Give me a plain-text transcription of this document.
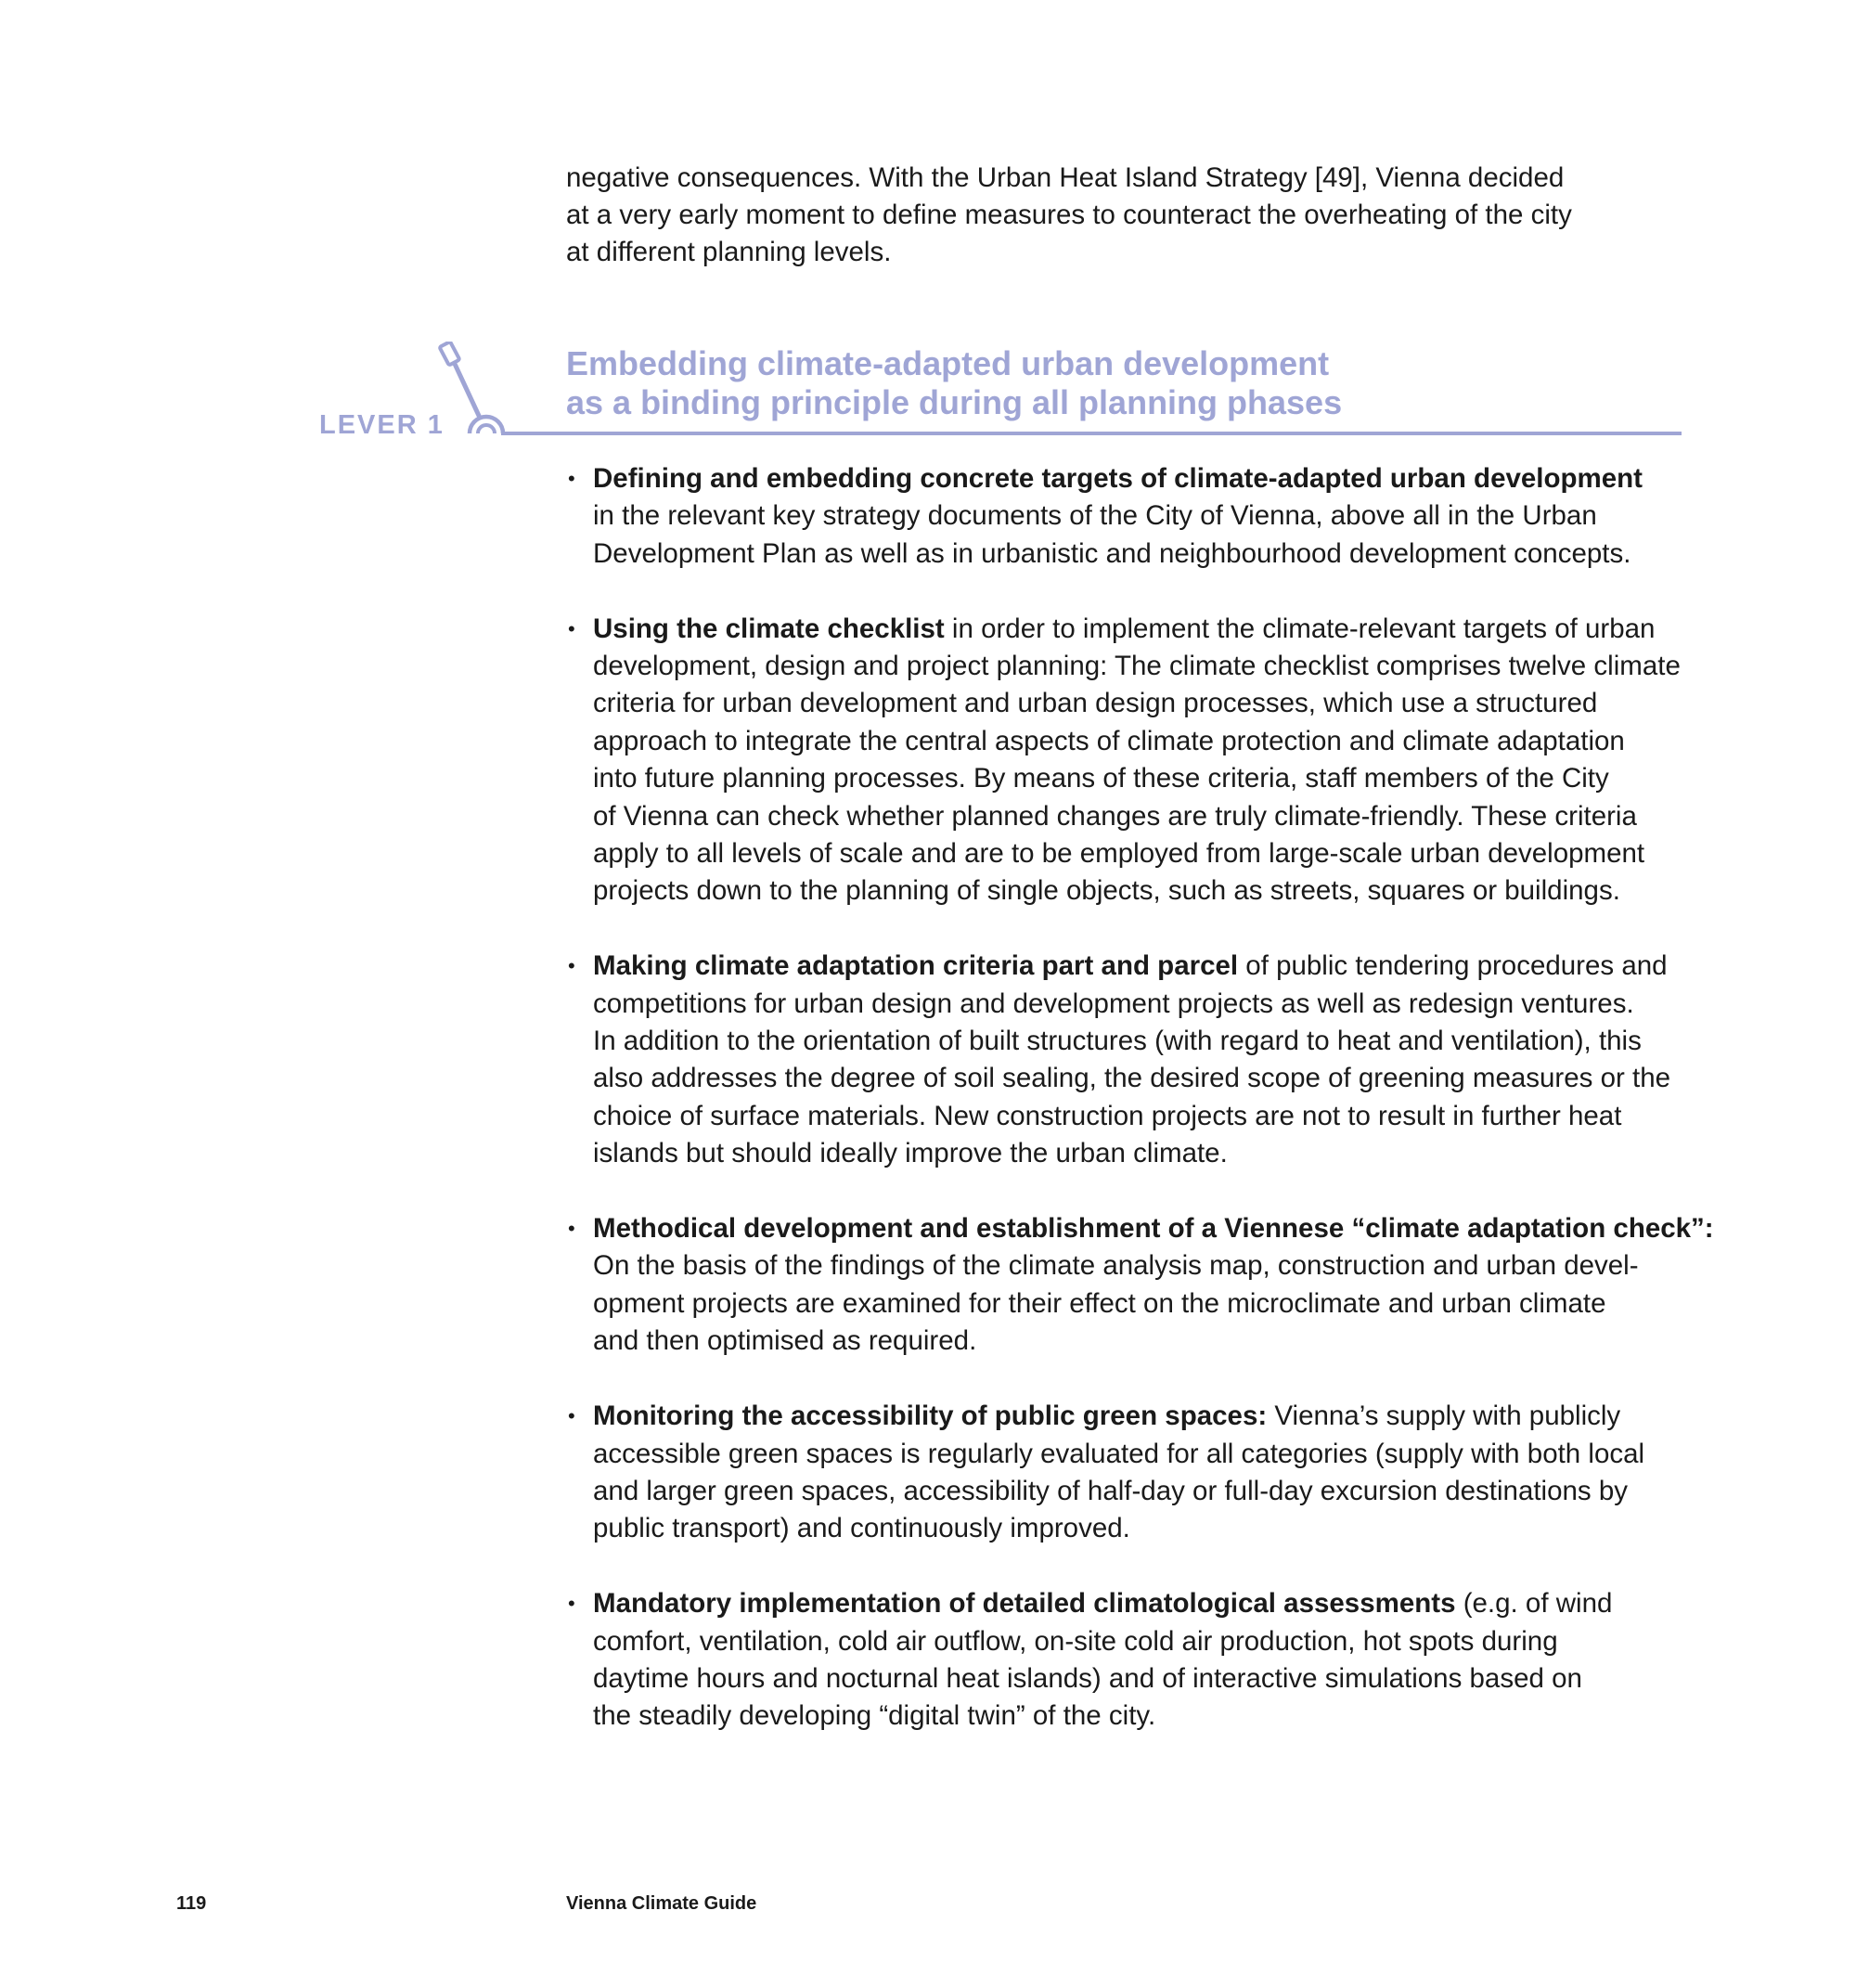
negative consequences. With the Urban Heat Island Strategy [49], Vienna decided
at a very early moment to define measures to counteract the overheating of the city
at different planning levels.

LEVER 1
Embedding climate-adapted urban development
as a binding principle during all planning phases
• Defining and embedding concrete targets of climate-adapted urban development
in the relevant key strategy documents of the City of Vienna, above all in the Urban
Development Plan as well as in urbanistic and neighbourhood development concepts.
• Using the climate checklist in order to implement the climate-relevant targets of urban
development, design and project planning: The climate checklist comprises twelve climate
criteria for urban development and urban design processes, which use a structured
approach to integrate the central aspects of climate protection and climate adaptation
into future planning processes. By means of these criteria, staff members of the City
of Vienna can check whether planned changes are truly climate-friendly. These criteria
apply to all levels of scale and are to be employed from large-scale urban development
projects down to the planning of single objects, such as streets, squares or buildings.
• Making climate adaptation criteria part and parcel of public tendering procedures and
competitions for urban design and development projects as well as redesign ventures.
In addition to the orientation of built structures (with regard to heat and ventilation), this
also addresses the degree of soil sealing, the desired scope of greening measures or the
choice of surface materials. New construction projects are not to result in further heat
islands but should ideally improve the urban climate.
• Methodical development and establishment of a Viennese “climate adaptation check”:
On the basis of the findings of the climate analysis map, construction and urban devel-
opment projects are examined for their effect on the microclimate and urban climate
and then optimised as required.
• Monitoring the accessibility of public green spaces: Vienna’s supply with publicly
accessible green spaces is regularly evaluated for all categories (supply with both local
and larger green spaces, accessibility of half-day or full-day excursion destinations by
public transport) and continuously improved.
• Mandatory implementation of detailed climatological assessments (e.g. of wind
comfort, ventilation, cold air outflow, on-site cold air production, hot spots during
daytime hours and nocturnal heat islands) and of interactive simulations based on
the steadily developing “digital twin” of the city.
119	Vienna Climate Guide
